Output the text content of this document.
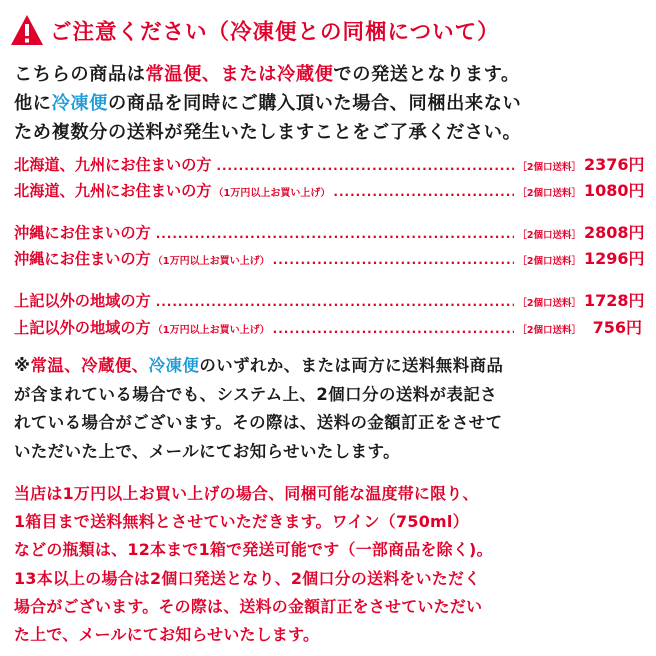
ご注意ください（冷凍便との同梱について）

こちらの商品は常温便、または冷蔵便での発送となります。

他に冷凍便の商品を同時にご購入頂いた場合、同梱出来ない

ため複数分の送料が発生いたしますことをご了承ください。

北海道、九州にお住まいの方 .....	［2個口送料］ 2376円
北海道、九州にお住まいの方 （1万円以上お買い上げ） .....	［2個口送料］ 1080円
沖縄にお住まいの方 .....	［2個口送料］ 2808円
沖縄にお住まいの方 （1万円以上お買い上げ） .....	［2個口送料］ 1296円
上記以外の地域の方 .....	［2個口送料］ 1728円
上記以外の地域の方 （1万円以上お買い上げ） .....	［2個口送料］ 756円

※常温、冷蔵便、冷凍便のいずれか、または両方に送料無料商品

が含まれている場合でも、システム上、2個口分の送料が表記さ

れている場合がございます。その際は、送料の金額訂正をさせて

いただいた上で、メールにてお知らせいたします。

当店は1万円以上お買い上げの場合、同梱可能な温度帯に限り、

1箱目まで送料無料とさせていただきます。ワイン（750ml）

などの瓶類は、12本まで1箱で発送可能です（一部商品を除く)。

13本以上の場合は2個口発送となり、2個口分の送料をいただく

場合がございます。その際は、送料の金額訂正をさせていただい

た上で、メールにてお知らせいたします。
